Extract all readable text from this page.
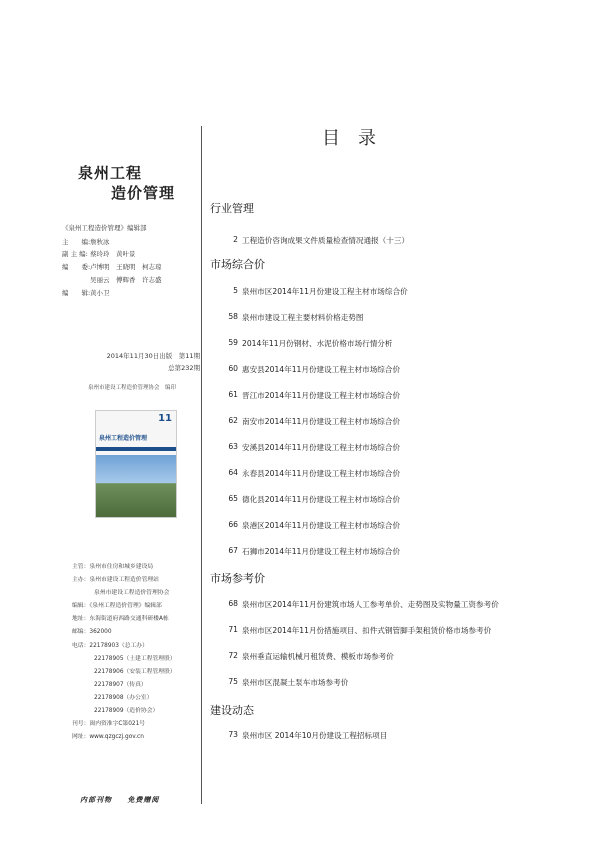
泉州工程
造价管理
《泉州工程造价管理》编辑部
主　　编: 詹秋冰
副 主 编: 蔡玲玲　黄叶景
编　　委: 卢博明　王晓明　柯志琼
吴丽云　傅辉香　许志盛
编　　辑: 黄小卫
2014年11月30日出版　第11期
总第232期
泉州市建设工程造价管理协会　编印
11
泉州工程造价管理
主管：泉州市住房和城乡建设局
主办：泉州市建设工程造价管理站
泉州市建设工程造价管理协会
编辑：《泉州工程造价管理》编辑部
地址：东海街道府西路交通科研楼A栋
邮编：362000
电话：22178903（总工办）
22178905（土建工程管理股）
22178906（安装工程管理股）
22178907（传真）
22178908（办公室）
22178909（造价协会）
刊号：闽内资准字C第021号
网址：www.qzgczj.gov.cn
内部刊物 免费赠阅
目录
行业管理
2 工程造价咨询成果文件质量检查情况通报（十三）
市场综合价
5 泉州市区2014年11月份建设工程主材市场综合价
58 泉州市建设工程主要材料价格走势图
59 2014年11月份钢材、水泥价格市场行情分析
60 惠安县2014年11月份建设工程主材市场综合价
61 晋江市2014年11月份建设工程主材市场综合价
62 南安市2014年11月份建设工程主材市场综合价
63 安溪县2014年11月份建设工程主材市场综合价
64 永春县2014年11月份建设工程主材市场综合价
65 德化县2014年11月份建设工程主材市场综合价
66 泉港区2014年11月份建设工程主材市场综合价
67 石狮市2014年11月份建设工程主材市场综合价
市场参考价
68 泉州市区2014年11月份建筑市场人工参考单价、走势图及实物量工资参考价
71 泉州市区2014年11月份措施项目、扣件式钢管脚手架租赁价格市场参考价
72 泉州垂直运输机械月租赁费、模板市场参考价
75 泉州市区混凝土泵车市场参考价
建设动态
73 泉州市区 2014年10月份建设工程招标项目
